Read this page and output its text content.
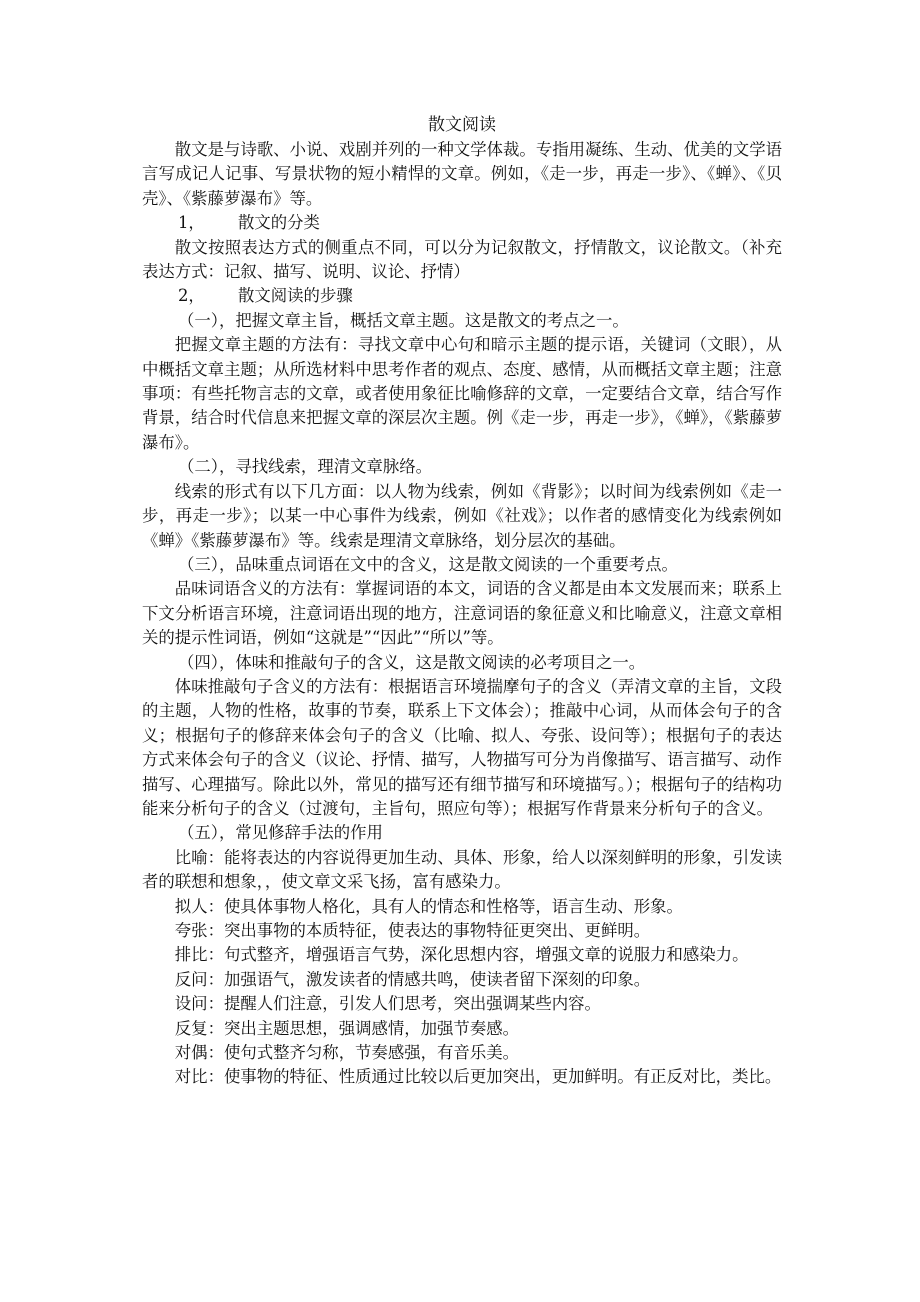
散文阅读

散文是与诗歌、小说、戏剧并列的一种文学体裁。专指用凝练、生动、优美的文学语言写成记人记事、写景状物的短小精悍的文章。例如，《走一步，再走一步》、《蝉》、《贝壳》、《紫藤萝瀑布》等。

1， 散文的分类

散文按照表达方式的侧重点不同，可以分为记叙散文，抒情散文，议论散文。（补充表达方式：记叙、描写、说明、议论、抒情）

2， 散文阅读的步骤

（一），把握文章主旨，概括文章主题。这是散文的考点之一。

把握文章主题的方法有：寻找文章中心句和暗示主题的提示语，关键词（文眼），从中概括文章主题；从所选材料中思考作者的观点、态度、感情，从而概括文章主题；注意事项：有些托物言志的文章，或者使用象征比喻修辞的文章，一定要结合文章，结合写作背景，结合时代信息来把握文章的深层次主题。例《走一步，再走一步》，《蝉》，《紫藤萝瀑布》。

（二），寻找线索，理清文章脉络。

线索的形式有以下几方面：以人物为线索，例如《背影》；以时间为线索例如《走一步，再走一步》；以某一中心事件为线索，例如《社戏》；以作者的感情变化为线索例如《蝉》《紫藤萝瀑布》等。线索是理清文章脉络，划分层次的基础。

（三），品味重点词语在文中的含义，这是散文阅读的一个重要考点。

品味词语含义的方法有：掌握词语的本文，词语的含义都是由本文发展而来；联系上下文分析语言环境，注意词语出现的地方，注意词语的象征意义和比喻意义，注意文章相关的提示性词语，例如“这就是”“因此”“所以”等。

（四），体味和推敲句子的含义，这是散文阅读的必考项目之一。

体味推敲句子含义的方法有：根据语言环境揣摩句子的含义（弄清文章的主旨，文段的主题，人物的性格，故事的节奏，联系上下文体会）；推敲中心词，从而体会句子的含义；根据句子的修辞来体会句子的含义（比喻、拟人、夸张、设问等）；根据句子的表达方式来体会句子的含义（议论、抒情、描写，人物描写可分为肖像描写、语言描写、动作描写、心理描写。除此以外，常见的描写还有细节描写和环境描写。）；根据句子的结构功能来分析句子的含义（过渡句，主旨句，照应句等）；根据写作背景来分析句子的含义。

（五），常见修辞手法的作用

比喻：能将表达的内容说得更加生动、具体、形象，给人以深刻鲜明的形象，引发读者的联想和想象，，使文章文采飞扬，富有感染力。

拟人：使具体事物人格化，具有人的情态和性格等，语言生动、形象。

夸张：突出事物的本质特征，使表达的事物特征更突出、更鲜明。

排比：句式整齐，增强语言气势，深化思想内容，增强文章的说服力和感染力。

反问：加强语气，激发读者的情感共鸣，使读者留下深刻的印象。

设问：提醒人们注意，引发人们思考，突出强调某些内容。

反复：突出主题思想，强调感情，加强节奏感。

对偶：使句式整齐匀称，节奏感强，有音乐美。

对比：使事物的特征、性质通过比较以后更加突出，更加鲜明。有正反对比，类比。
